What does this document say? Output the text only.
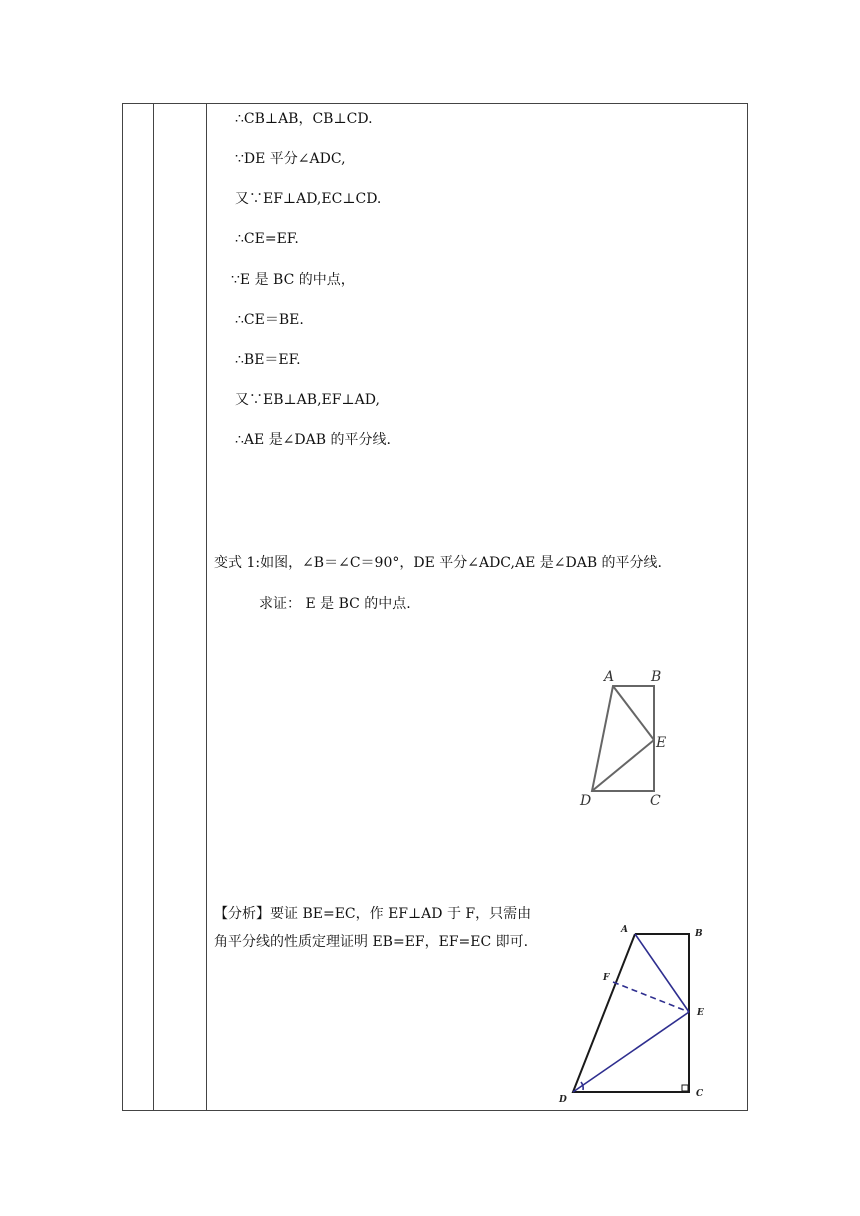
∴CB⊥AB，CB⊥CD.
∵DE 平分∠ADC,
又∵EF⊥AD,EC⊥CD.
∴CE=EF.
∵E 是 BC 的中点，
∴CE＝BE.
∴BE＝EF.
又∵EB⊥AB,EF⊥AD,
∴AE 是∠DAB 的平分线.
变式 1:如图，∠B＝∠C＝90°，DE 平分∠ADC,AE 是∠DAB 的平分线.
求证： E 是 BC 的中点.
A	B
E
D	C
【分析】要证 BE=EC，作 EF⊥AD 于 F，只需由
角平分线的性质定理证明 EB=EF，EF=EC 即可.
A	B
F
E
D
C
